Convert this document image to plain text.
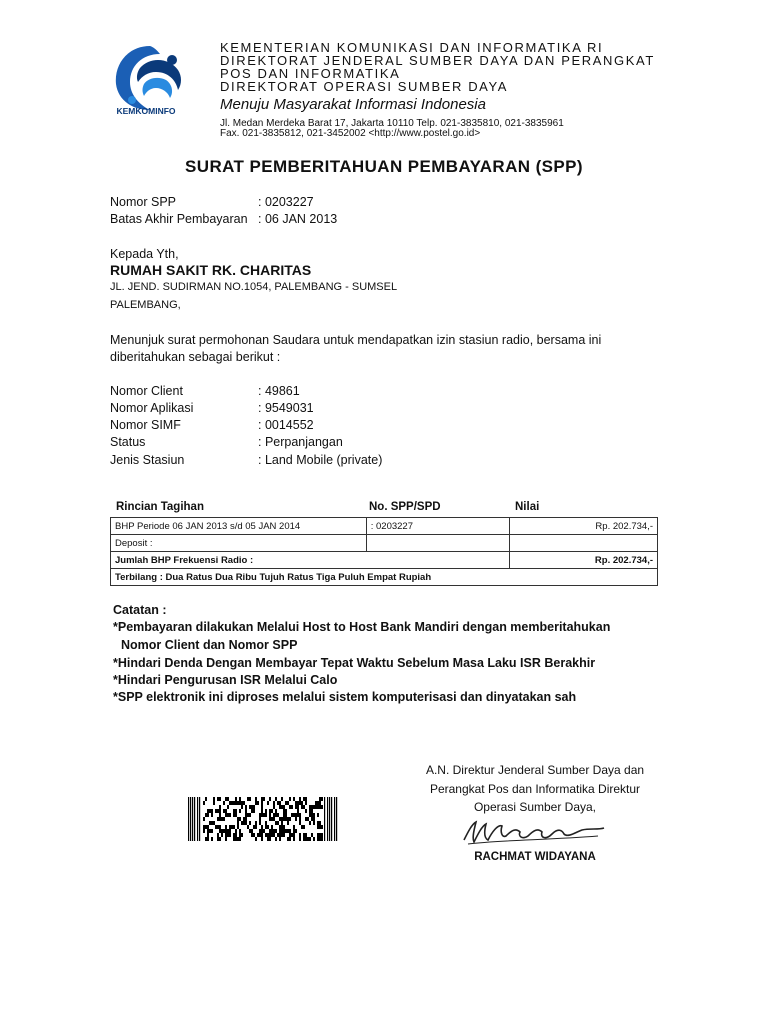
KEMKOMINFO
KEMENTERIAN KOMUNIKASI DAN INFORMATIKA RI
DIREKTORAT JENDERAL SUMBER DAYA DAN PERANGKAT
POS DAN INFORMATIKA
DIREKTORAT OPERASI SUMBER DAYA
Menuju Masyarakat Informasi Indonesia
Jl. Medan Merdeka Barat 17, Jakarta 10110 Telp. 021-3835810, 021-3835961
Fax. 021-3835812, 021-3452002 <http://www.postel.go.id>
SURAT PEMBERITAHUAN PEMBAYARAN (SPP)
Nomor SPP	: 0203227
Batas Akhir Pembayaran : 06 JAN 2013
Kepada Yth,
RUMAH SAKIT RK. CHARITAS
JL. JEND. SUDIRMAN NO.1054, PALEMBANG - SUMSEL
PALEMBANG,
Menunjuk surat permohonan Saudara untuk mendapatkan izin stasiun radio, bersama ini
diberitahukan sebagai berikut :
Nomor Client	: 49861
Nomor Aplikasi	: 9549031
Nomor SIMF	: 0014552
Status	: Perpanjangan
Jenis Stasiun	: Land Mobile (private)
Rincian Tagihan	No. SPP/SPD	Nilai
BHP Periode 06 JAN 2013 s/d 05 JAN 2014	: 0203227	Rp. 202.734,-
Deposit :		
Jumlah BHP Frekuensi Radio :		Rp. 202.734,-
Terbilang : Dua Ratus Dua Ribu Tujuh Ratus Tiga Puluh Empat Rupiah		
Catatan :
*Pembayaran dilakukan Melalui Host to Host Bank Mandiri dengan memberitahukan
Nomor Client dan Nomor SPP
*Hindari Denda Dengan Membayar Tepat Waktu Sebelum Masa Laku ISR Berakhir
*Hindari Pengurusan ISR Melalui Calo
*SPP elektronik ini diproses melalui sistem komputerisasi dan dinyatakan sah
A.N. Direktur Jenderal Sumber Daya dan
Perangkat Pos dan Informatika Direktur
Operasi Sumber Daya,
RACHMAT WIDAYANA
